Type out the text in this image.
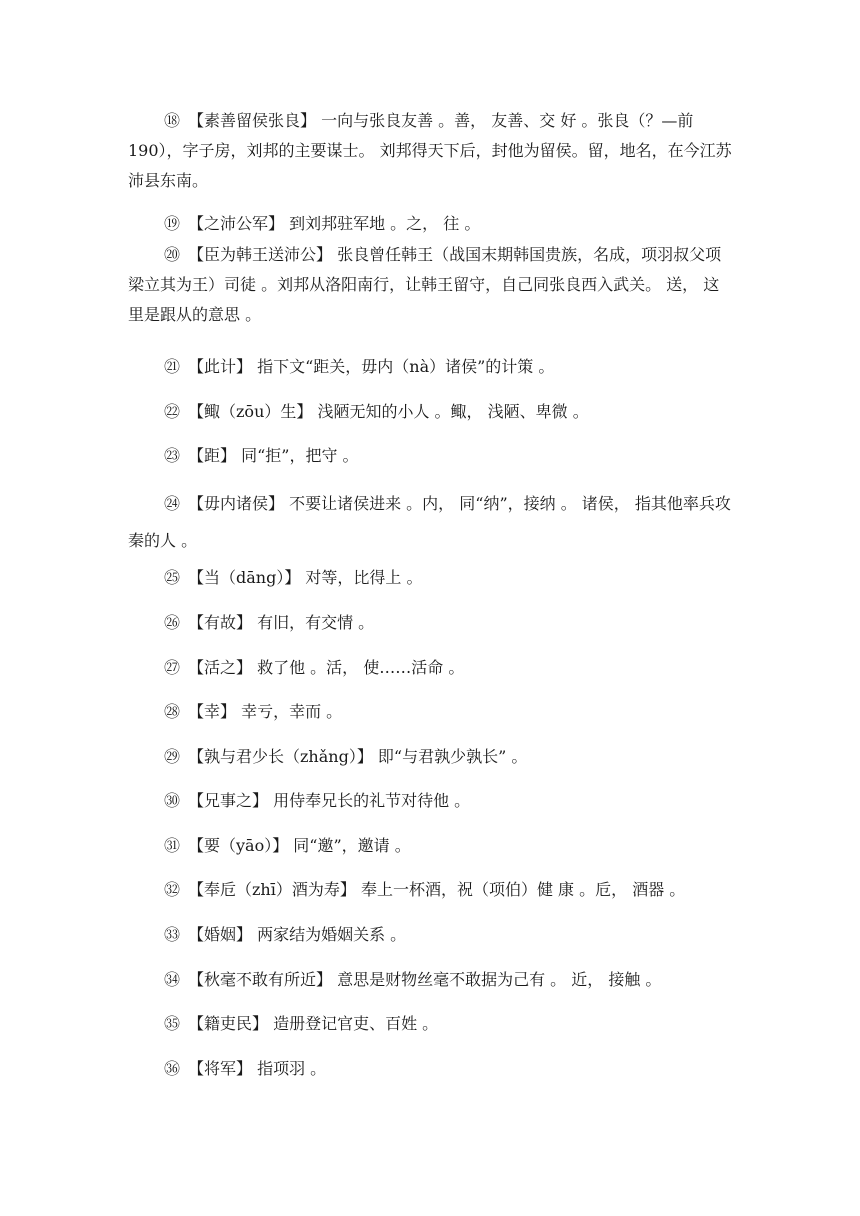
⑱ 【素善留侯张良】 一向与张良友善 。善， 友善、交 好 。张良（？—前 190），字子房，刘邦的主要谋士。 刘邦得天下后，封他为留侯。留，地名，在今江苏沛县东南。

⑲ 【之沛公军】 到刘邦驻军地 。之， 往 。

⑳ 【臣为韩王送沛公】 张良曾任韩王（战国末期韩国贵族，名成，项羽叔父项梁立其为王）司徒 。刘邦从洛阳南行，让韩王留守，自己同张良西入武关。 送， 这里是跟从的意思 。

㉑ 【此计】 指下文“距关，毋内（nà）诸侯”的计策 。

㉒ 【鲰（zōu）生】 浅陋无知的小人 。鲰， 浅陋、卑微 。

㉓ 【距】 同“拒”，把守 。

㉔ 【毋内诸侯】 不要让诸侯进来 。内， 同“纳”，接纳 。 诸侯， 指其他率兵攻秦的人 。

㉕ 【当（dāng）】 对等，比得上 。

㉖ 【有故】 有旧，有交情 。

㉗ 【活之】 救了他 。活， 使……活命 。

㉘ 【幸】 幸亏，幸而 。

㉙ 【孰与君少长（zhǎng）】 即“与君孰少孰长” 。

㉚ 【兄事之】 用侍奉兄长的礼节对待他 。

㉛ 【要（yāo）】 同“邀”，邀请 。

㉜ 【奉卮（zhī）酒为寿】 奉上一杯酒，祝（项伯）健 康 。卮， 酒器 。

㉝ 【婚姻】 两家结为婚姻关系 。

㉞ 【秋毫不敢有所近】 意思是财物丝毫不敢据为己有 。 近， 接触 。

㉟ 【籍吏民】 造册登记官吏、百姓 。

㊱ 【将军】 指项羽 。
